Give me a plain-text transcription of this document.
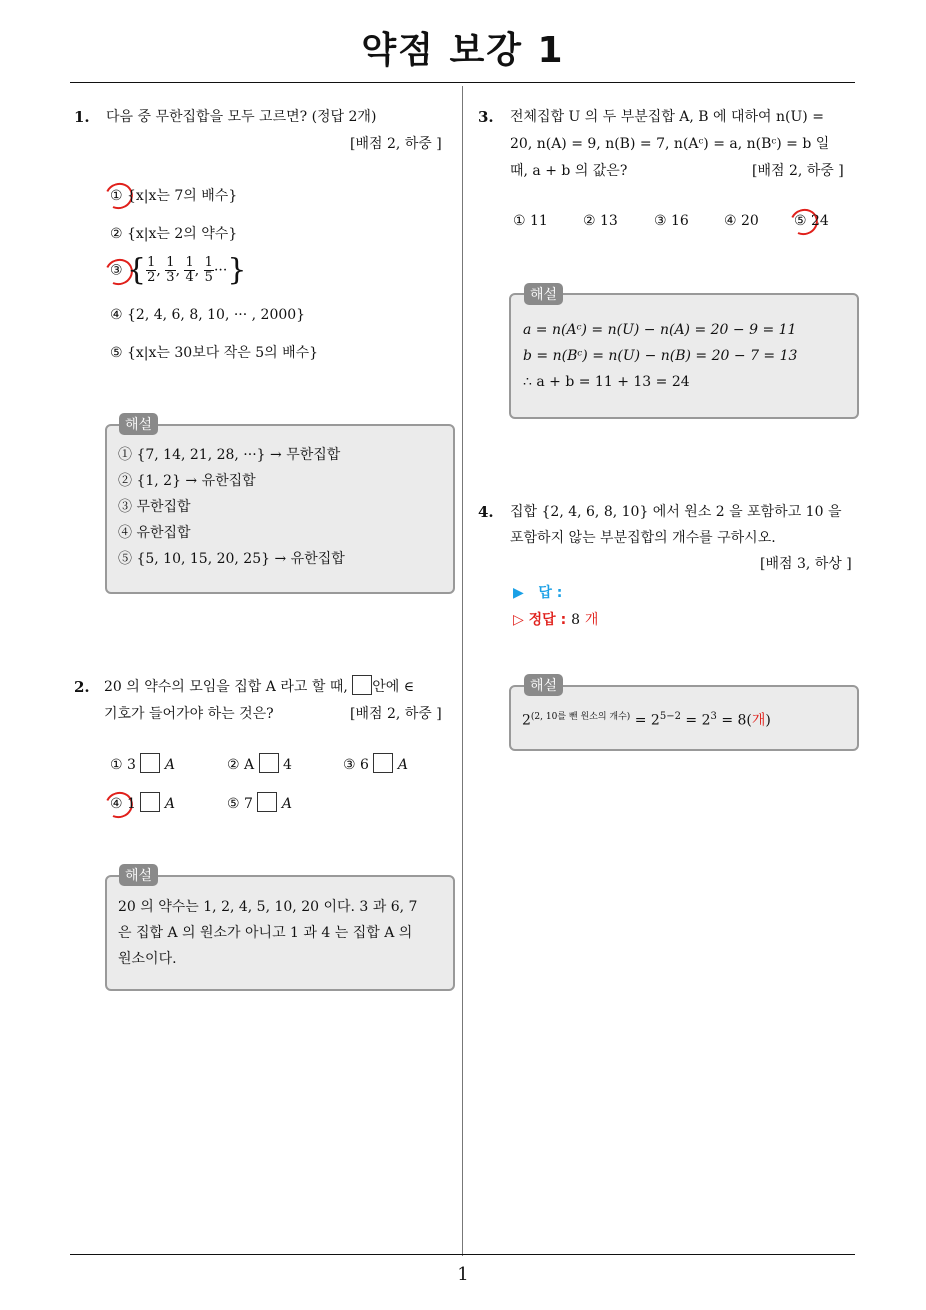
약점 보강 1
1
1. 다음 중 무한집합을 모두 고르면? (정답 2개)
[배점 2, 하중 ]
① {x|x는 7의 배수}
② {x|x는 2의 약수}
③ { $\frac{1}{2}$ , $\frac{1}{3}$ , $\frac{1}{4}$ , $\frac{1}{5}$ ···}
④ {2, 4, 6, 8, 10, ··· , 2000}
⑤ {x|x는 30보다 작은 5의 배수}
해설
① {7, 14, 21, 28, ···} → 무한집합
② {1, 2} → 유한집합
③ 무한집합
④ 유한집합
⑤ {5, 10, 15, 20, 25} → 유한집합
2. 20 의 약수의 모임을 집합 A 라고 할 때, 안에 ∈
기호가 들어가야 하는 것은?	[배점 2, 하중 ]
① 3 A	② A  4	③ 6 A
④ 1  A	⑤ 7 A
해설
20 의 약수는 1, 2, 4, 5, 10, 20 이다. 3 과 6, 7
은 집합 A 의 원소가 아니고 1 과 4 는 집합 A 의
원소이다.
3. 전체집합 U 의 두 부분집합 A, B 에 대하여 n(U) =
20, n(A) = 9, n(B) = 7, n(Aᶜ) = a, n(Bᶜ) = b 일
때, a + b 의 값은?	[배점 2, 하중 ]
① 11	② 13	③ 16	④ 20	⑤ 24
해설
a = n(Aᶜ) = n(U) − n(A) = 20 − 9 = 11
b = n(Bᶜ) = n(U) − n(B) = 20 − 7 = 13
∴ a + b = 11 + 13 = 24
4. 집합 {2, 4, 6, 8, 10} 에서 원소 2 을 포함하고 10 을
포함하지 않는 부분집합의 개수를 구하시오.
[배점 3, 하상 ]
▶ 답 :
▷ 정답 : 8 개
해설
$2^{(2, 10를 뺀 원소의 개수)} = 2^{5-2} = 2^3 = 8$(개)
